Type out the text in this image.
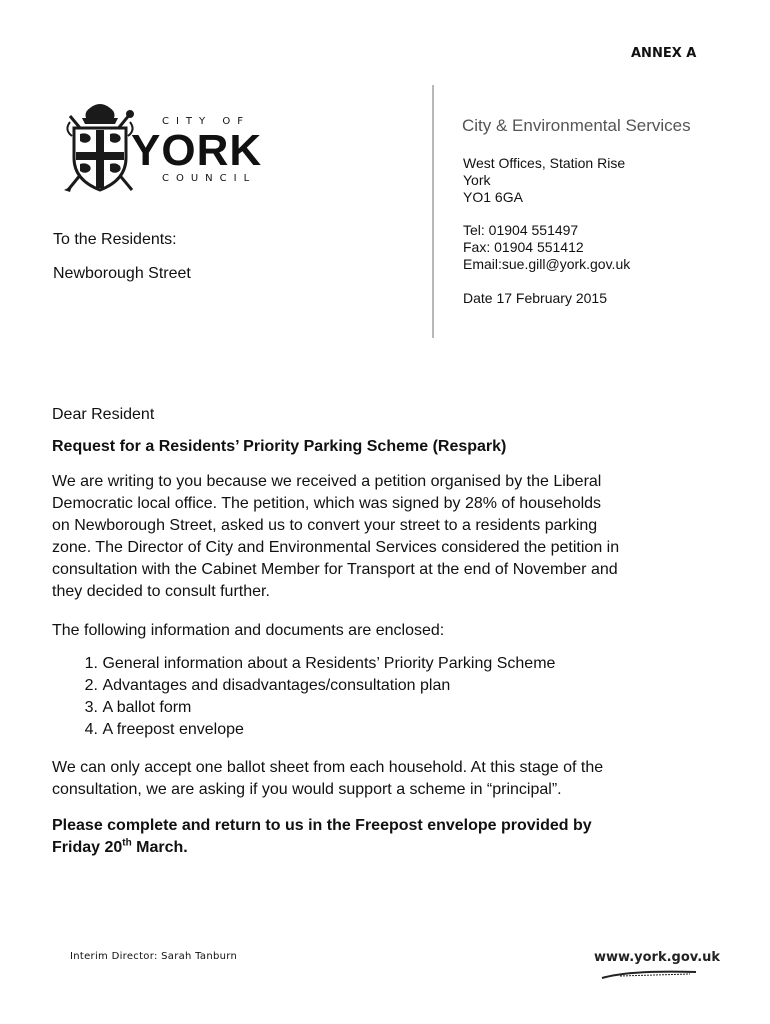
ANNEX A
CITY OF
YORK
COUNCIL
City & Environmental Services
West Offices, Station Rise
York
YO1 6GA
Tel: 01904 551497
Fax: 01904 551412
Email:sue.gill@york.gov.uk
Date 17 February 2015
To the Residents:
Newborough Street
Dear Resident
Request for a Residents’ Priority Parking Scheme (Respark)
We are writing to you because we received a petition organised by the Liberal
Democratic local office. The petition, which was signed by 28% of households
on Newborough Street, asked us to convert your street to a residents parking
zone. The Director of City and Environmental Services considered the petition in
consultation with the Cabinet Member for Transport at the end of November and
they decided to consult further.
The following information and documents are enclosed:
1.
General information about a Residents’ Priority Parking Scheme
2.
Advantages and disadvantages/consultation plan
3.
A ballot form
4.
A freepost envelope
We can only accept one ballot sheet from each household. At this stage of the
consultation, we are asking if you would support a scheme in “principal”.
Please complete and return to us in the Freepost envelope provided by
Friday 20th March.
Interim Director: Sarah Tanburn	www.york.gov.uk
